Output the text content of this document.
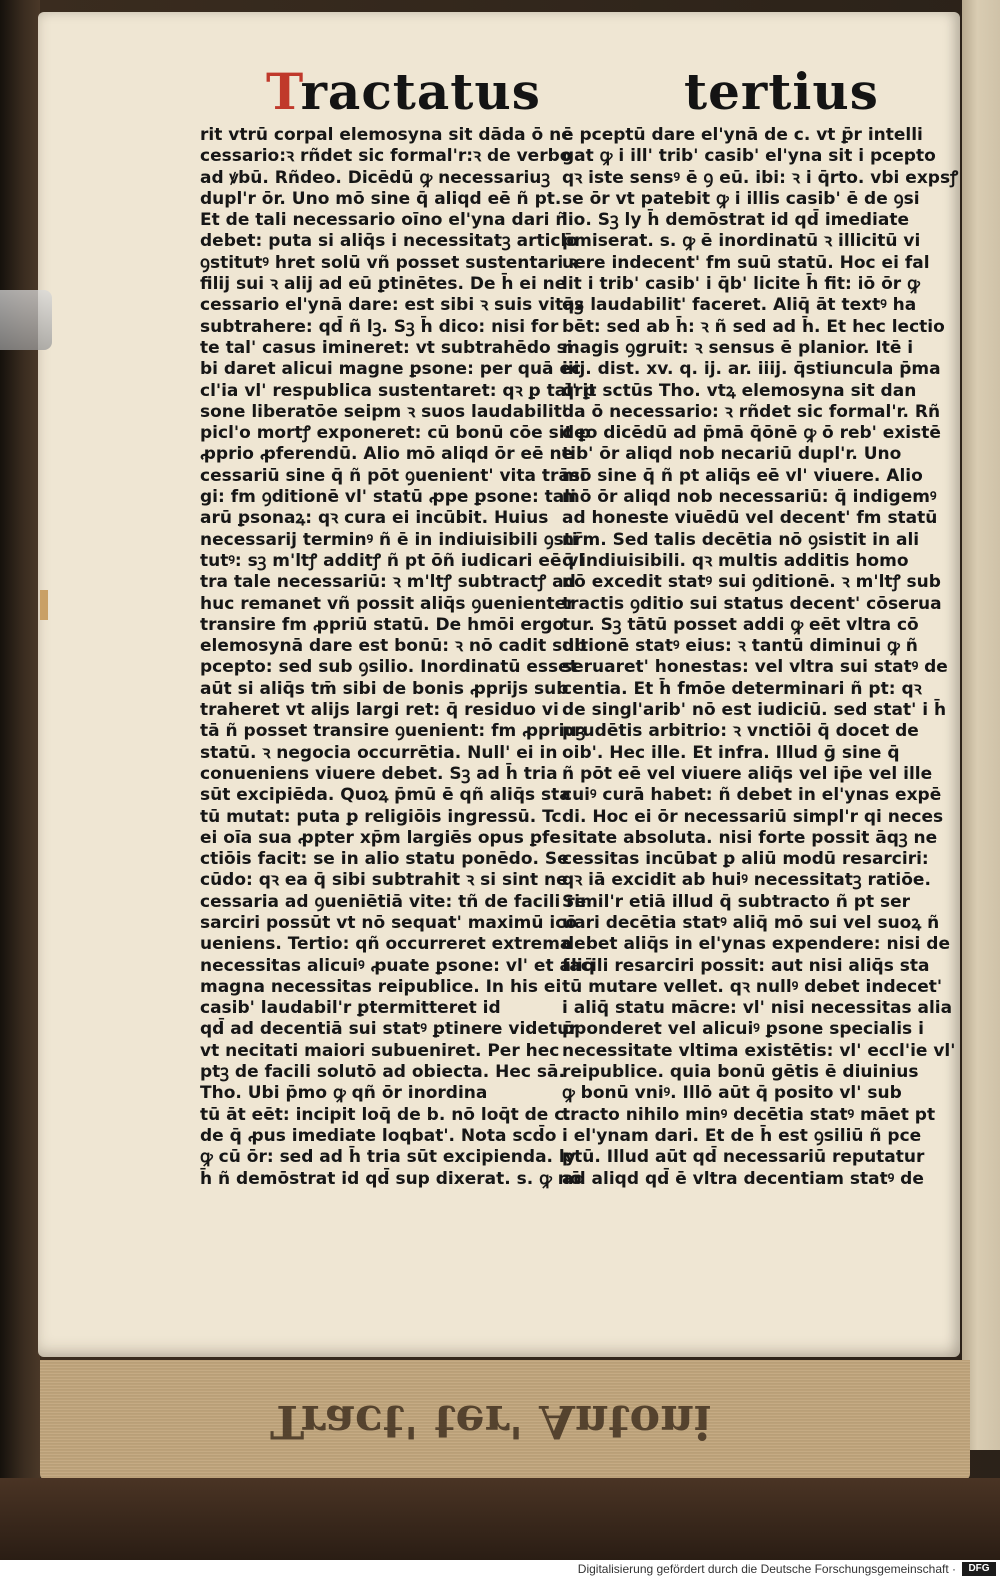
Tractatus	tertius
rit vtrū corpal elemosyna sit dāda ō ne
cessario:ꝛ rñdet sic formal'r:ꝛ de verbo
ad ꝟbū. Rñdeo. Dicēdū ꝙ necessariuꝫ
dupl'r ōr. Uno mō sine q̄ aliqd eē ñ pt.
Et de tali necessario oīno el'yna dari ñ
debet: puta si aliq̄s i necessitatꝫ articlo
ꝯstitutꝰ hret solū vñ posset sustentari ꝛ
filij sui ꝛ alij ad eū ꝑtinētes. De h̄ ei ne
cessario el'ynā dare: est sibi ꝛ suis vitaꝫ
subtrahere: qd̄ ñ lꝫ. Sꝫ h̄ dico: nisi for
te tal' casus imineret: vt subtrahēdo si
bi daret alicui magne ꝑsone: per quā ec
cl'ia vl' respublica sustentaret: qꝛ ꝑ tal' ꝑ
sone liberatōe seipm ꝛ suos laudabilit'
picl'o mortꝭ exponeret: cū bonū cōe sit ꝑ
ꝓprio ꝓferendū. Alio mō aliqd ōr eē ne
cessariū sine q̄ ñ pōt ꝯuenient' vita trāsi
gi: fm ꝯditionē vl' statū ꝓpe ꝑsone: tali
arū ꝑsonaꝝ: qꝛ cura ei incūbit. Huius
necessarij terminꝰ ñ ē in indiuisibili ꝯsti
tutꝰ: sꝫ m'ltꝭ additꝭ ñ pt ōñ iudicari eē vl
tra tale necessariū: ꝛ m'ltꝭ subtractꝭ ad
huc remanet vñ possit aliq̄s ꝯuenienter
transire fm ꝓpriū statū. De hmōi ergo
elemosynā dare est bonū: ꝛ nō cadit sub
pcepto: sed sub ꝯsilio. Inordinatū esset
aūt si aliq̄s tm̄ sibi de bonis ꝓprijs sub
traheret vt alijs largi ret: q̄ residuo vi
tā ñ posset transire ꝯuenient: fm ꝓpriuꝫ
statū. ꝛ negocia occurrētia. Null' ei in
conueniens viuere debet. Sꝫ ad h̄ tria
sūt excipiēda. Quoꝝ p̄mū ē qñ aliq̄s sta
tū mutat: puta ꝑ religiōis ingressū. Tc
ei oīa sua ꝓpter xp̄m largiēs opus ꝑfe
ctiōis facit: se in alio statu ponēdo. Se
cūdo: qꝛ ea q̄ sibi subtrahit ꝛ si sint ne
cessaria ad ꝯueniētiā vite: tñ de facili re
sarciri possūt vt nō sequat' maximū icō
ueniens. Tertio: qñ occurreret extrema
necessitas alicuiꝰ ꝓuate ꝑsone: vl' et aliq̄
magna necessitas reipublice. In his ei
casib' laudabil'r ꝑtermitteret id
qd̄ ad decentiā sui statꝰ ꝑtinere videtur
vt necitati maiori subueniret. Per hec
ptꝫ de facili solutō ad obiecta. Hec sā.
Tho. Ubi p̄mo ꝙ qñ ōr inordina
tū āt eēt: incipit loq̄ de b. nō loq̄t de c.
de q̄ ꝓus imediate loqbat'. Nota scd̄o
ꝙ cū ōr: sed ad h̄ tria sūt excipienda. ly
h̄ ñ demōstrat id qd̄ sup dixerat. s. ꝙ nō
ē pceptū dare el'ynā de c. vt ꝑ̄r intelli
gat ꝙ i ill' trib' casib' el'yna sit i pcepto
qꝛ iste sensꝰ ē ꝯ eū. ibi: ꝛ i q̄rto. vbi expsꝭ
se ōr vt patebit ꝙ i illis casib' ē de ꝯsi
lio. Sꝫ ly h̄ demōstrat id qd̄ imediate
p̄miserat. s. ꝙ ē inordinatū ꝛ illicitū vi
uere indecent' fm suū statū. Hoc ei fal
lit i trib' casib' i q̄b' licite h̄ fit: iō ōr ꝙ
q̄s laudabilit' faceret. Aliq̄ āt textꝰ ha
bēt: sed ab h̄: ꝛ ñ sed ad h̄. Et hec lectio
magis ꝯgruit: ꝛ sensus ē planior. Itē i
iiij. dist. xv. q. ij. ar. iiij. q̄stiuncula p̄ma
q̄rit sctūs Tho. vtꝝ elemosyna sit dan
da ō necessario: ꝛ rñdet sic formal'r. Rñ
deo dicēdū ad p̄mā q̄ōnē ꝙ ō reb' existē
tib' ōr aliqd nob necariū dupl'r. Uno
mō sine q̄ ñ pt aliq̄s eē vl' viuere. Alio
mō ōr aliqd nob necessariū: q̄ indigemꝰ
ad honeste viuēdū vel decent' fm statū
nr̄m. Sed talis decētia nō ꝯsistit in ali
q̄ indiuisibili. qꝛ multis additis homo
nō excedit statꝰ sui ꝯditionē. ꝛ m'ltꝭ sub
tractis ꝯditio sui status decent' cōserua
tur. Sꝫ tātū posset addi ꝙ eēt vltra cō
ditionē statꝰ eius: ꝛ tantū diminui ꝙ ñ
seruaret' honestas: vel vltra sui statꝰ de
centia. Et h̄ fmōe determinari ñ pt: qꝛ
de singl'arib' nō est iudiciū. sed stat' i h̄
prudētis arbitrio: ꝛ vnctiōi q̄ docet de
oib'. Hec ille. Et infra. Illud ḡ sine q̄
ñ pōt eē vel viuere aliq̄s vel ip̄e vel ille
cuiꝰ curā habet: ñ debet in el'ynas expē
di. Hoc ei ōr necessariū simpl'r qi neces
sitate absoluta. nisi forte possit āqꝫ ne
cessitas incūbat ꝑ aliū modū resarciri:
qꝛ iā excidit ab huiꝰ necessitatꝫ ratiōe.
Simil'r etiā illud q̄ subtracto ñ pt ser
uari decētia statꝰ aliq̄ mō sui vel suoꝝ ñ
debet aliq̄s in el'ynas expendere: nisi de
facili resarciri possit: aut nisi aliq̄s sta
tū mutare vellet. qꝛ nullꝰ debet indecet'
i aliq̄ statu mācre: vl' nisi necessitas alia
p̄ponderet vel alicuiꝰ ꝑsone specialis i
necessitate vltima existētis: vl' eccl'ie vl'
reipublice. quia bonū gētis ē diuinius
ꝙ bonū vniꝰ. Illō aūt q̄ posito vl' sub
tracto nihilo minꝰ decētia statꝰ māet pt
i el'ynam dari. Et de h̄ est ꝯsiliū ñ pce
ptū. Illud aūt qd̄ necessariū reputatur
ad aliqd qd̄ ē vltra decentiam statꝰ de
Tract' ter' Antoni
Digitalisierung gefördert durch die Deutsche Forschungsgemeinschaft ·	DFG
